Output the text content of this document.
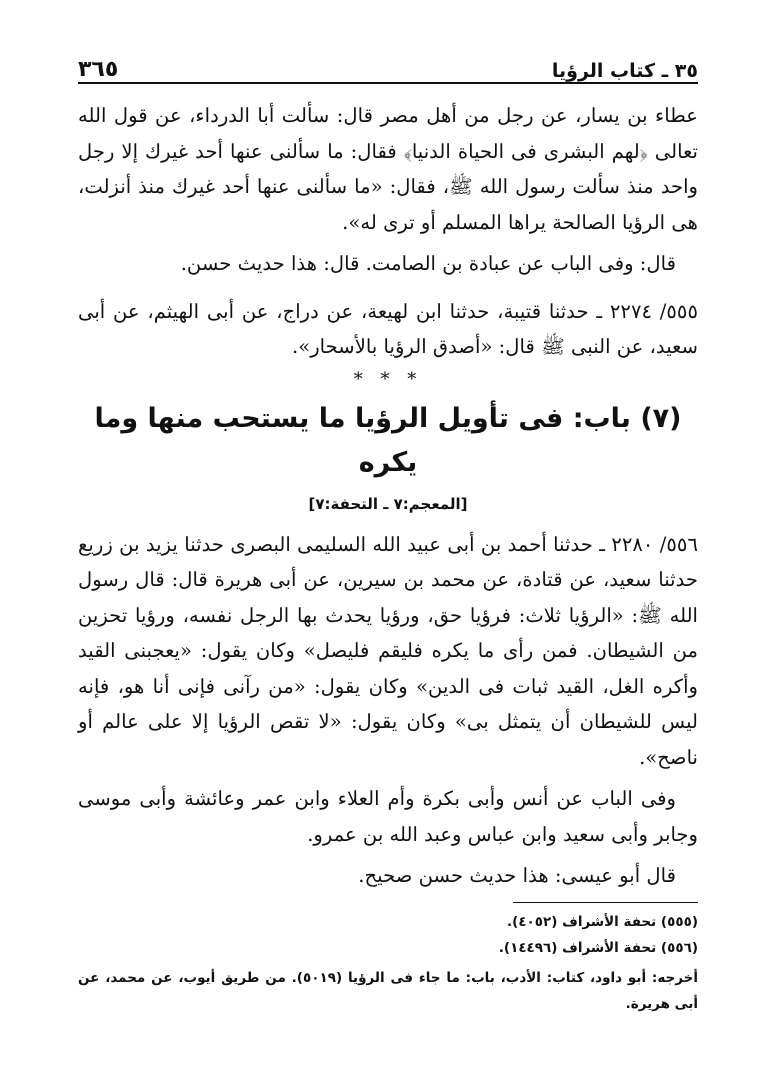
٣٥ ـ كتاب الرؤيا
٣٦٥

عطاء بن يسار، عن رجل من أهل مصر قال: سألت أبا الدرداء، عن قول الله تعالى ﴿لهم البشرى فى الحياة الدنيا﴾ فقال: ما سألنى عنها أحد غيرك إلا رجل واحد منذ سألت رسول الله ﷺ، فقال: «ما سألنى عنها أحد غيرك منذ أنزلت، هى الرؤيا الصالحة يراها المسلم أو ترى له».

قال: وفى الباب عن عبادة بن الصامت. قال: هذا حديث حسن.

٥٥٥/ ٢٢٧٤ ـ حدثنا قتيبة، حدثنا ابن لهيعة، عن دراج، عن أبى الهيثم، عن أبى سعيد، عن النبى ﷺ قال: «أصدق الرؤيا بالأسحار».

* * *
(٧) باب: فى تأويل الرؤيا ما يستحب منها وما يكره
[المعجم:٧ ـ التحفة:٧]

٥٥٦/ ٢٢٨٠ ـ حدثنا أحمد بن أبى عبيد الله السليمى البصرى حدثنا يزيد بن زريع حدثنا سعيد، عن قتادة، عن محمد بن سيرين، عن أبى هريرة قال: قال رسول الله ﷺ: «الرؤيا ثلاث: فرؤيا حق، ورؤيا يحدث بها الرجل نفسه، ورؤيا تحزين من الشيطان. فمن رأى ما يكره فليقم فليصل» وكان يقول: «يعجبنى القيد وأكره الغل، القيد ثبات فى الدين» وكان يقول: «من رآنى فإنى أنا هو، فإنه ليس للشيطان أن يتمثل بى» وكان يقول: «لا تقص الرؤيا إلا على عالم أو ناصح».

وفى الباب عن أنس وأبى بكرة وأم العلاء وابن عمر وعائشة وأبى موسى وجابر وأبى سعيد وابن عباس وعبد الله بن عمرو.

قال أبو عيسى: هذا حديث حسن صحيح.

(٥٥٥) تحفة الأشراف (٤٠٥٢).

(٥٥٦) تحفة الأشراف (١٤٤٩٦).

أخرجه: أبو داود، كتاب: الأدب، باب: ما جاء فى الرؤيا (٥٠١٩). من طريق أيوب، عن محمد، عن أبى هريرة.
